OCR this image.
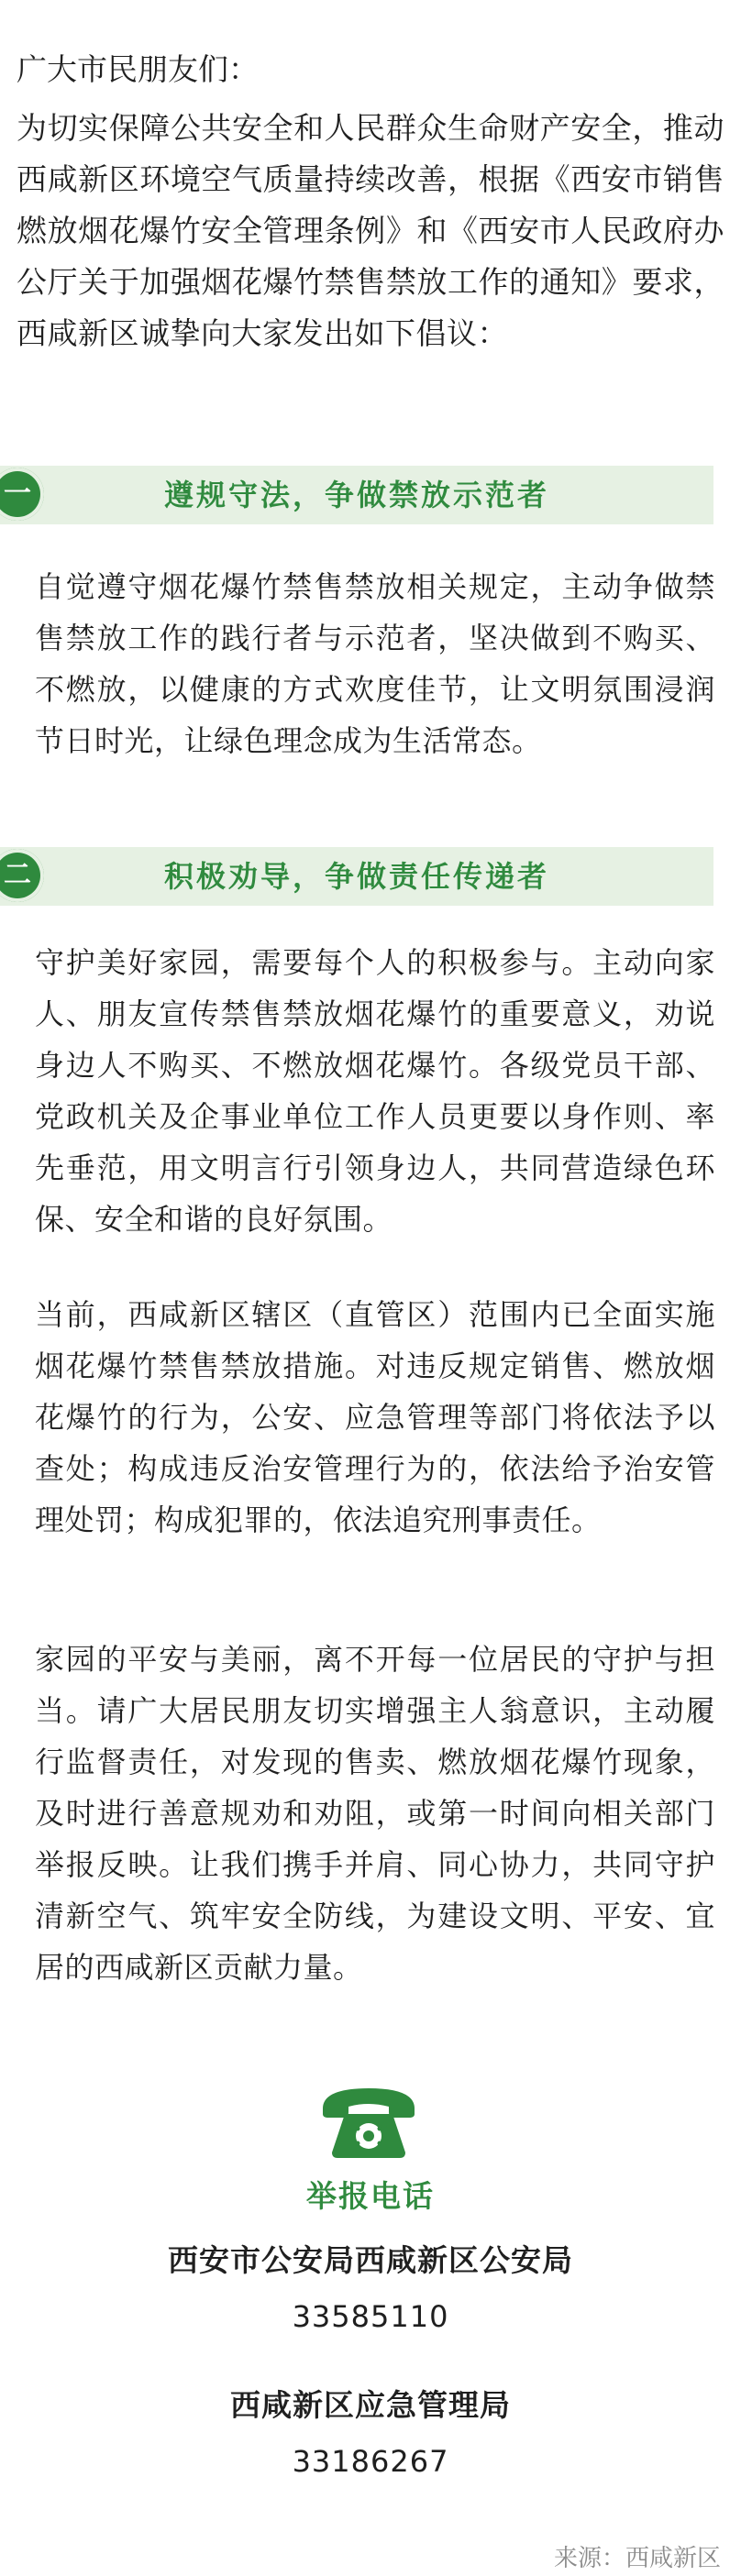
广大市民朋友们：

为切实保障公共安全和人民群众生命财产安全，推动西咸新区环境空气质量持续改善，根据《西安市销售燃放烟花爆竹安全管理条例》和《西安市人民政府办公厅关于加强烟花爆竹禁售禁放工作的通知》要求，西咸新区诚挚向大家发出如下倡议：

一	遵规守法，争做禁放示范者

自觉遵守烟花爆竹禁售禁放相关规定，主动争做禁售禁放工作的践行者与示范者，坚决做到不购买、不燃放，以健康的方式欢度佳节，让文明氛围浸润节日时光，让绿色理念成为生活常态。

二	积极劝导，争做责任传递者

守护美好家园，需要每个人的积极参与。主动向家人、朋友宣传禁售禁放烟花爆竹的重要意义，劝说身边人不购买、不燃放烟花爆竹。各级党员干部、党政机关及企事业单位工作人员更要以身作则、率先垂范，用文明言行引领身边人，共同营造绿色环保、安全和谐的良好氛围。

当前，西咸新区辖区（直管区）范围内已全面实施烟花爆竹禁售禁放措施。对违反规定销售、燃放烟花爆竹的行为，公安、应急管理等部门将依法予以查处；构成违反治安管理行为的，依法给予治安管理处罚；构成犯罪的，依法追究刑事责任。

家园的平安与美丽，离不开每一位居民的守护与担当。请广大居民朋友切实增强主人翁意识，主动履行监督责任，对发现的售卖、燃放烟花爆竹现象，及时进行善意规劝和劝阻，或第一时间向相关部门举报反映。让我们携手并肩、同心协力，共同守护清新空气、筑牢安全防线，为建设文明、平安、宜居的西咸新区贡献力量。

举报电话
西安市公安局西咸新区公安局
33585110
西咸新区应急管理局
33186267
来源：西咸新区
